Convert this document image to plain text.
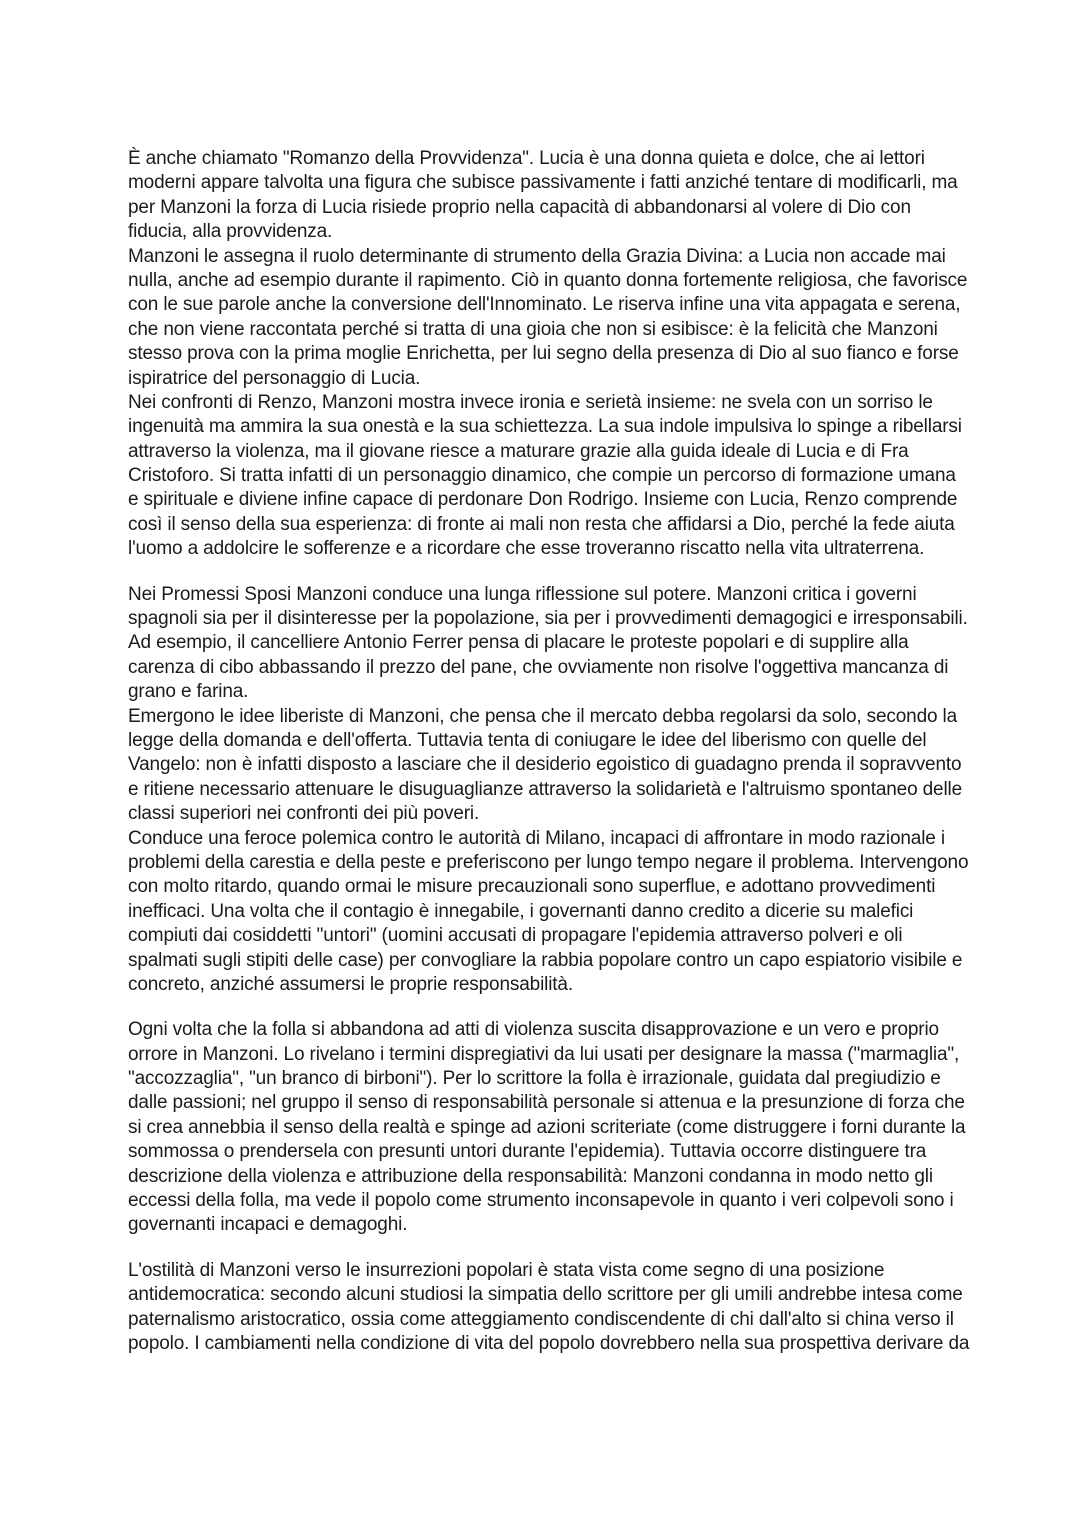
È anche chiamato "Romanzo della Provvidenza". Lucia è una donna quieta e dolce, che ai lettori
moderni appare talvolta una figura che subisce passivamente i fatti anziché tentare di modificarli, ma
per Manzoni la forza di Lucia risiede proprio nella capacità di abbandonarsi al volere di Dio con
fiducia, alla provvidenza.
Manzoni le assegna il ruolo determinante di strumento della Grazia Divina: a Lucia non accade mai
nulla, anche ad esempio durante il rapimento. Ciò in quanto donna fortemente religiosa, che favorisce
con le sue parole anche la conversione dell'Innominato. Le riserva infine una vita appagata e serena,
che non viene raccontata perché si tratta di una gioia che non si esibisce: è la felicità che Manzoni
stesso prova con la prima moglie Enrichetta, per lui segno della presenza di Dio al suo fianco e forse
ispiratrice del personaggio di Lucia.
Nei confronti di Renzo, Manzoni mostra invece ironia e serietà insieme: ne svela con un sorriso le
ingenuità ma ammira la sua onestà e la sua schiettezza. La sua indole impulsiva lo spinge a ribellarsi
attraverso la violenza, ma il giovane riesce a maturare grazie alla guida ideale di Lucia e di Fra
Cristoforo. Si tratta infatti di un personaggio dinamico, che compie un percorso di formazione umana
e spirituale e diviene infine capace di perdonare Don Rodrigo. Insieme con Lucia, Renzo comprende
così il senso della sua esperienza: di fronte ai mali non resta che affidarsi a Dio, perché la fede aiuta
l'uomo a addolcire le sofferenze e a ricordare che esse troveranno riscatto nella vita ultraterrena.
Nei Promessi Sposi Manzoni conduce una lunga riflessione sul potere. Manzoni critica i governi
spagnoli sia per il disinteresse per la popolazione, sia per i provvedimenti demagogici e irresponsabili.
Ad esempio, il cancelliere Antonio Ferrer pensa di placare le proteste popolari e di supplire alla
carenza di cibo abbassando il prezzo del pane, che ovviamente non risolve l'oggettiva mancanza di
grano e farina.
Emergono le idee liberiste di Manzoni, che pensa che il mercato debba regolarsi da solo, secondo la
legge della domanda e dell'offerta. Tuttavia tenta di coniugare le idee del liberismo con quelle del
Vangelo: non è infatti disposto a lasciare che il desiderio egoistico di guadagno prenda il sopravvento
e ritiene necessario attenuare le disuguaglianze attraverso la solidarietà e l'altruismo spontaneo delle
classi superiori nei confronti dei più poveri.
Conduce una feroce polemica contro le autorità di Milano, incapaci di affrontare in modo razionale i
problemi della carestia e della peste e preferiscono per lungo tempo negare il problema. Intervengono
con molto ritardo, quando ormai le misure precauzionali sono superflue, e adottano provvedimenti
inefficaci. Una volta che il contagio è innegabile, i governanti danno credito a dicerie su malefici
compiuti dai cosiddetti "untori" (uomini accusati di propagare l'epidemia attraverso polveri e oli
spalmati sugli stipiti delle case) per convogliare la rabbia popolare contro un capo espiatorio visibile e
concreto, anziché assumersi le proprie responsabilità.
Ogni volta che la folla si abbandona ad atti di violenza suscita disapprovazione e un vero e proprio
orrore in Manzoni. Lo rivelano i termini dispregiativi da lui usati per designare la massa ("marmaglia",
"accozzaglia", "un branco di birboni"). Per lo scrittore la folla è irrazionale, guidata dal pregiudizio e
dalle passioni; nel gruppo il senso di responsabilità personale si attenua e la presunzione di forza che
si crea annebbia il senso della realtà e spinge ad azioni scriteriate (come distruggere i forni durante la
sommossa o prendersela con presunti untori durante l'epidemia). Tuttavia occorre distinguere tra
descrizione della violenza e attribuzione della responsabilità: Manzoni condanna in modo netto gli
eccessi della folla, ma vede il popolo come strumento inconsapevole in quanto i veri colpevoli sono i
governanti incapaci e demagoghi.
L'ostilità di Manzoni verso le insurrezioni popolari è stata vista come segno di una posizione
antidemocratica: secondo alcuni studiosi la simpatia dello scrittore per gli umili andrebbe intesa come
paternalismo aristocratico, ossia come atteggiamento condiscendente di chi dall'alto si china verso il
popolo. I cambiamenti nella condizione di vita del popolo dovrebbero nella sua prospettiva derivare da
